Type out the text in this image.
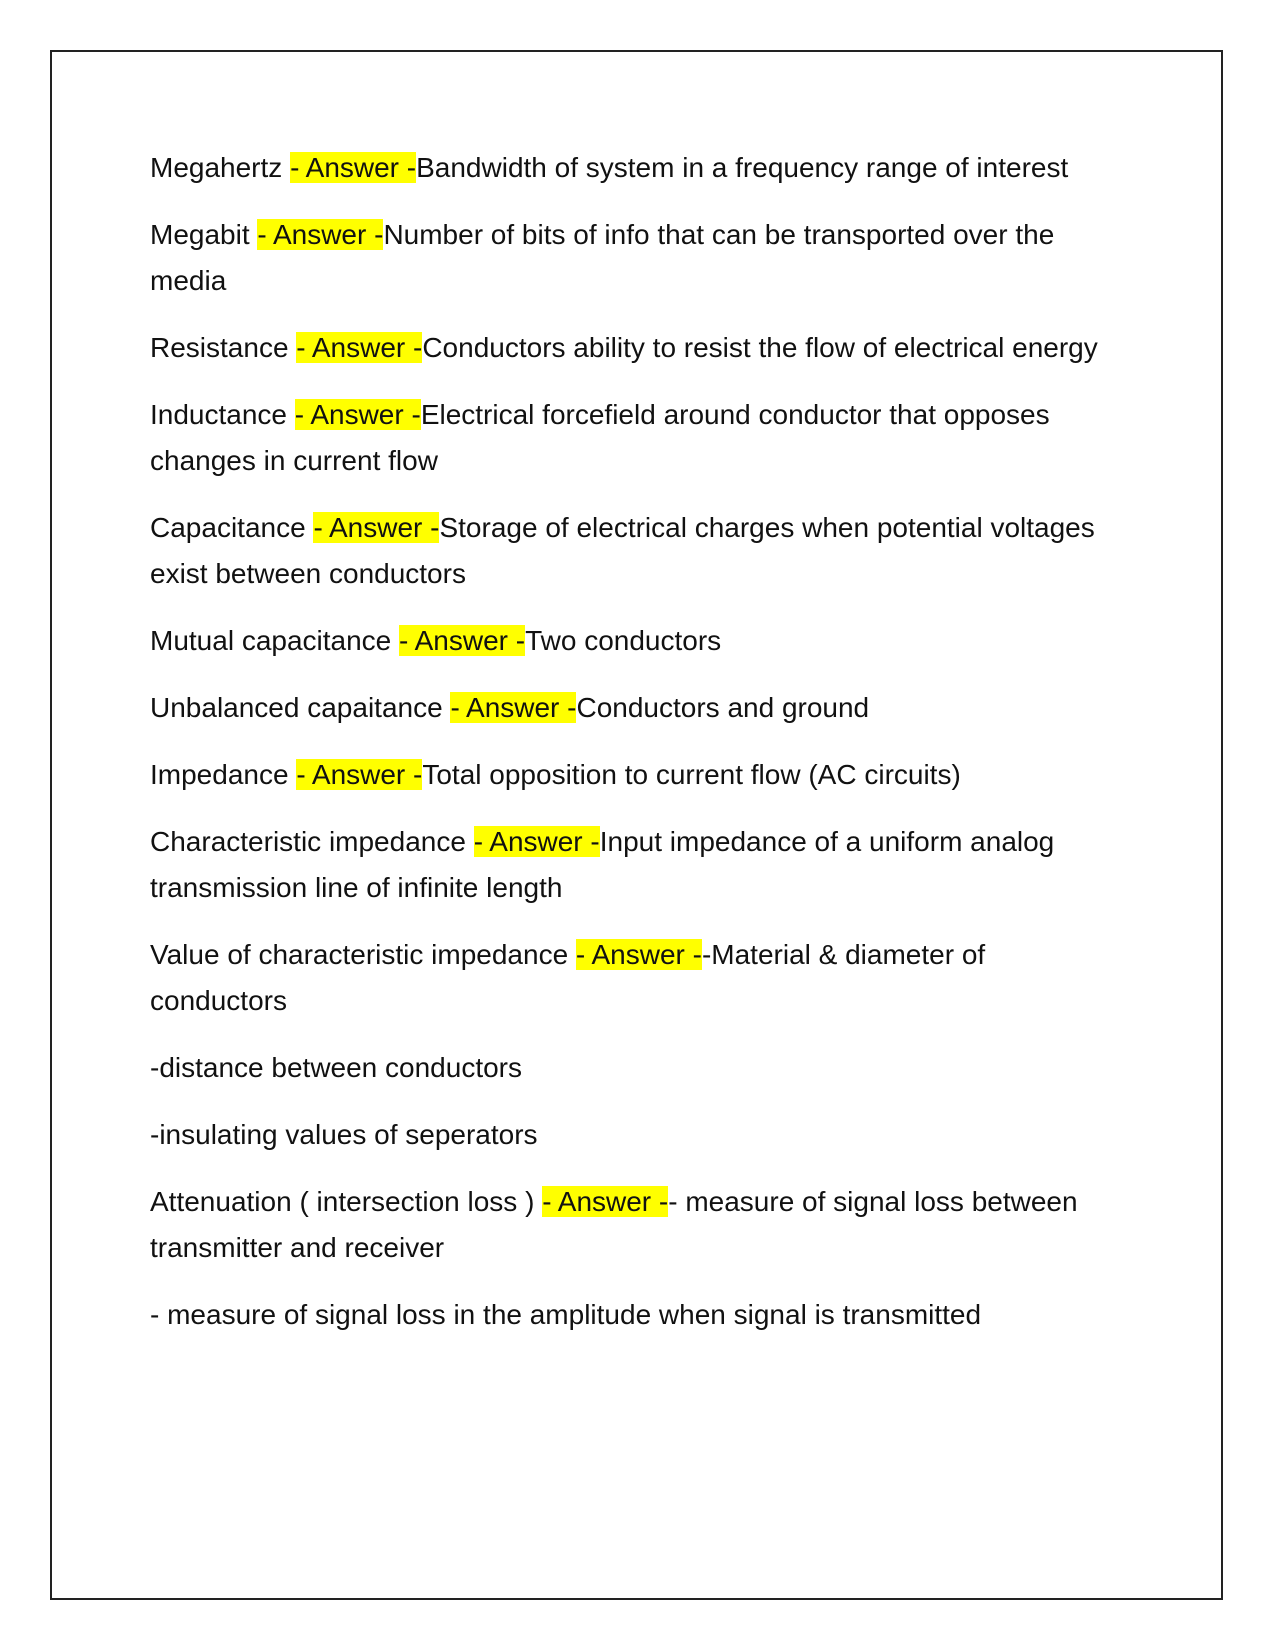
Megahertz - Answer -Bandwidth of system in a frequency range of interest

Megabit - Answer -Number of bits of info that can be transported over the media

Resistance - Answer -Conductors ability to resist the flow of electrical energy

Inductance - Answer -Electrical forcefield around conductor that opposes changes in current flow

Capacitance - Answer -Storage of electrical charges when potential voltages exist between conductors

Mutual capacitance - Answer -Two conductors

Unbalanced capaitance - Answer -Conductors and ground

Impedance - Answer -Total opposition to current flow (AC circuits)

Characteristic impedance - Answer -Input impedance of a uniform analog transmission line of infinite length

Value of characteristic impedance - Answer --Material & diameter of conductors

-distance between conductors

-insulating values of seperators

Attenuation ( intersection loss ) - Answer -- measure of signal loss between transmitter and receiver

- measure of signal loss in the amplitude when signal is transmitted
